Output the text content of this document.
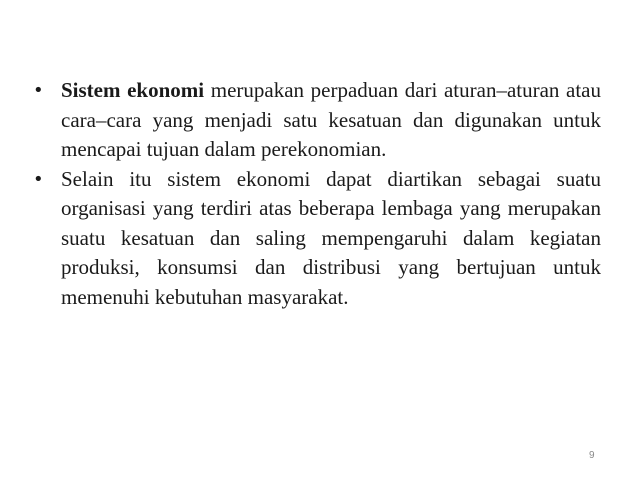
• Sistem ekonomi merupakan perpaduan dari aturan–aturan atau cara–cara yang menjadi satu kesatuan dan digunakan untuk mencapai tujuan dalam perekonomian.
• Selain itu sistem ekonomi dapat diartikan sebagai suatu organisasi yang terdiri atas beberapa lembaga yang merupakan suatu kesatuan dan saling mempengaruhi dalam kegiatan produksi, konsumsi dan distribusi yang bertujuan untuk memenuhi kebutuhan masyarakat.
9
